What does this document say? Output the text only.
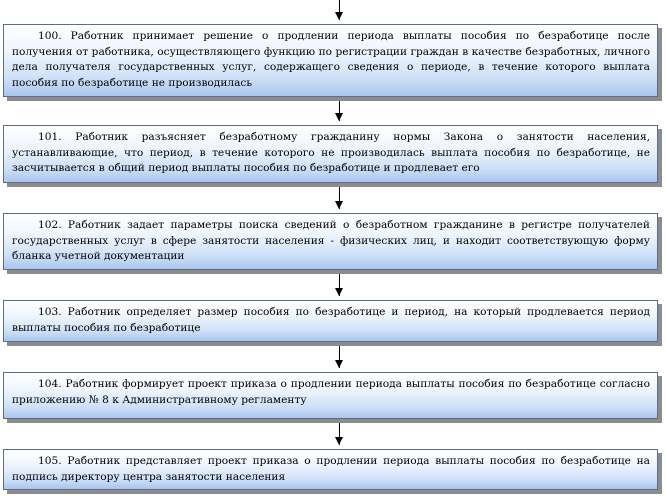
100. Работник принимает решение о продлении периода выплаты пособия по безработице после получения от работника, осуществляющего функцию по регистрации граждан в качестве безработных, личного дела получателя государственных услуг, содержащего сведения о периоде, в течение которого выплата пособия по безработице не производилась
101. Работник разъясняет безработному гражданину нормы Закона о занятости населения, устанавливающие, что период, в течение которого не производилась выплата пособия по безработице, не засчитывается в общий период выплаты пособия по безработице и продлевает его
102. Работник задает параметры поиска сведений о безработном гражданине в регистре получателей государственных услуг в сфере занятости населения - физических лиц, и находит соответствующую форму бланка учетной документации
103. Работник определяет размер пособия по безработице и период, на который продлевается период выплаты пособия по безработице
104. Работник формирует проект приказа о продлении периода выплаты пособия по безработице согласно приложению № 8 к Административному регламенту
105. Работник представляет проект приказа о продлении периода выплаты пособия по безработице на подпись директору центра занятости населения
